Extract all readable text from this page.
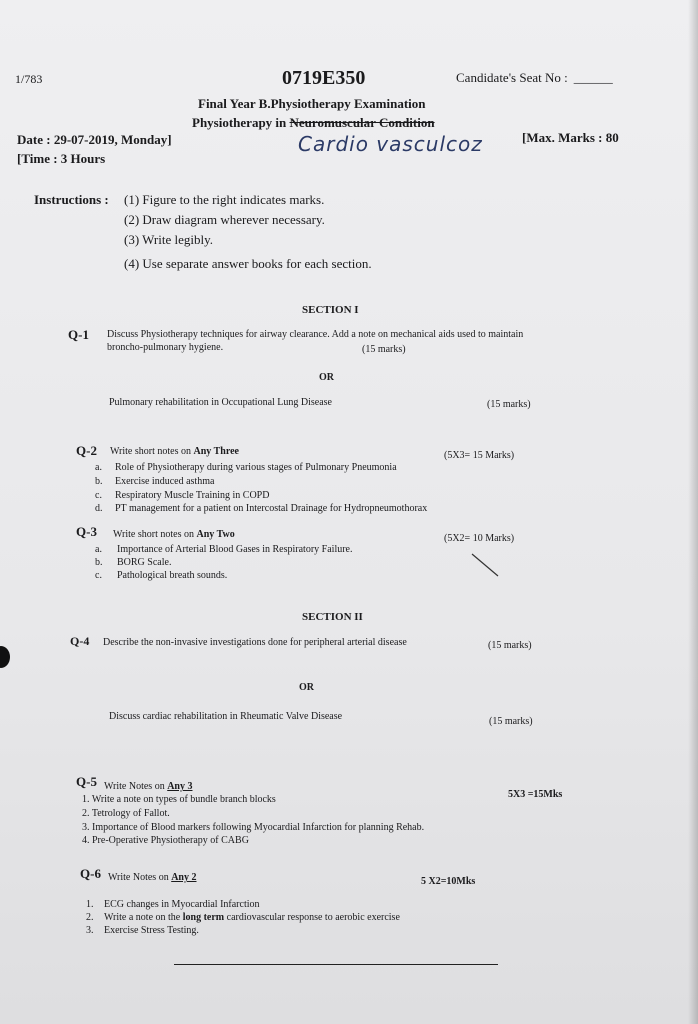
1/783	0719E350	Candidate's Seat No : ______
Final Year B.Physiotherapy Examination
Physiotherapy in Neuromuscular Condition
Cardio vasculcoz
Date : 29-07-2019, Monday]
[Time : 3 Hours
[Max. Marks : 80
Instructions : (1) Figure to the right indicates marks.
(2) Draw diagram wherever necessary.
(3) Write legibly.
(4) Use separate answer books for each section.
SECTION I
Q-1 Discuss Physiotherapy techniques for airway clearance. Add a note on mechanical aids used to maintain
broncho-pulmonary hygiene.	(15 marks)
OR
Pulmonary rehabilitation in Occupational Lung Disease	(15 marks)
Q-2 Write short notes on Any Three	(5X3= 15 Marks)
a. Role of Physiotherapy during various stages of Pulmonary Pneumonia
b. Exercise induced asthma
c. Respiratory Muscle Training in COPD
d. PT management for a patient on Intercostal Drainage for Hydropneumothorax
Q-3 Write short notes on Any Two	(5X2= 10 Marks)
a. Importance of Arterial Blood Gases in Respiratory Failure.
b. BORG Scale.
c. Pathological breath sounds.
SECTION II
Q-4 Describe the non-invasive investigations done for peripheral arterial disease	(15 marks)
OR
Discuss cardiac rehabilitation in Rheumatic Valve Disease	(15 marks)
Q-5 Write Notes on Any 3
5X3 =15Mks
1. Write a note on types of bundle branch blocks
2. Tetrology of Fallot.
3. Importance of Blood markers following Myocardial Infarction for planning Rehab.
4. Pre-Operative Physiotherapy of CABG
Q-6 Write Notes on Any 2	5 X2=10Mks
1. ECG changes in Myocardial Infarction
2. Write a note on the long term cardiovascular response to aerobic exercise
3. Exercise Stress Testing.
